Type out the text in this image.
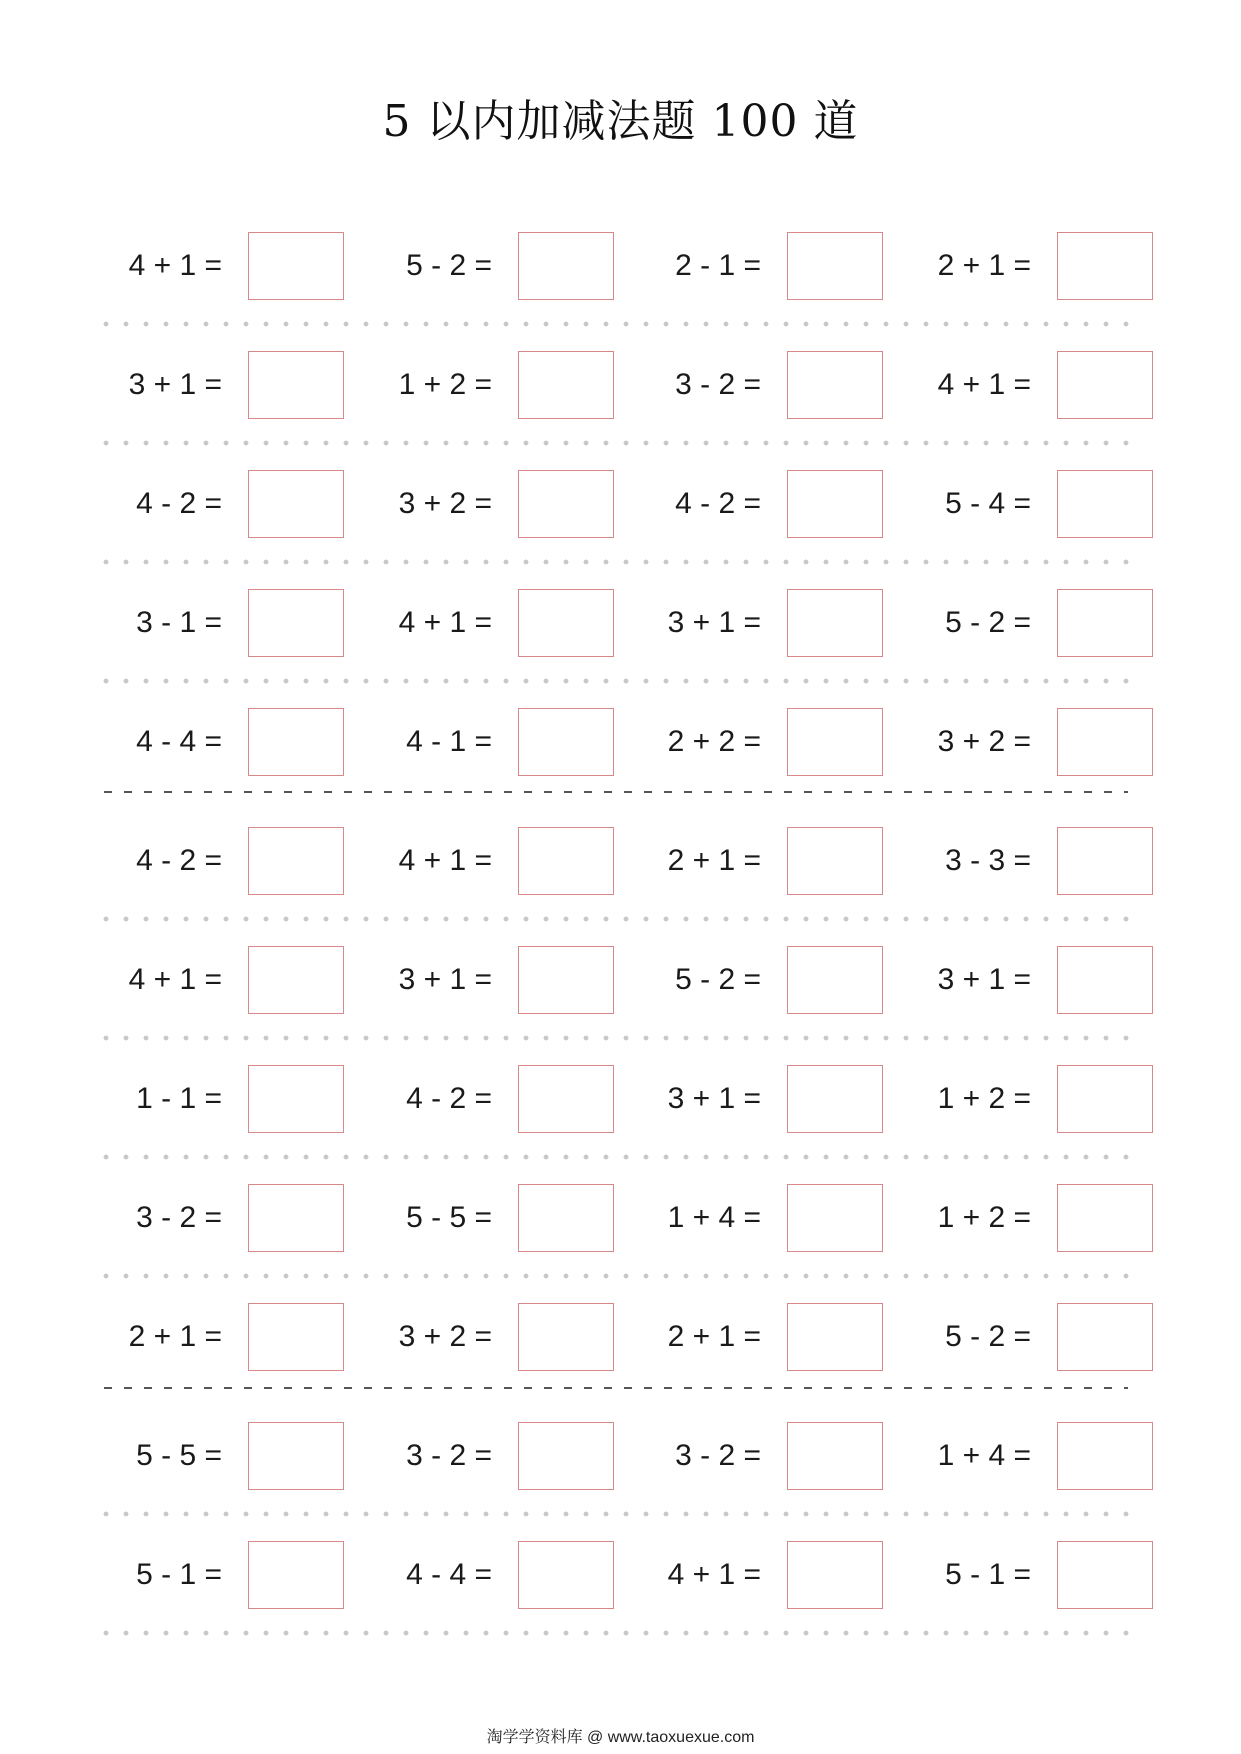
5 以内加减法题 100 道
4 + 1 =	5 - 2 =	2 - 1 =	2 + 1 =
3 + 1 =	1 + 2 =	3 - 2 =	4 + 1 =
4 - 2 =	3 + 2 =	4 - 2 =	5 - 4 =
3 - 1 =	4 + 1 =	3 + 1 =	5 - 2 =
4 - 4 =	4 - 1 =	2 + 2 =	3 + 2 =
4 - 2 =	4 + 1 =	2 + 1 =	3 - 3 =
4 + 1 =	3 + 1 =	5 - 2 =	3 + 1 =
1 - 1 =	4 - 2 =	3 + 1 =	1 + 2 =
3 - 2 =	5 - 5 =	1 + 4 =	1 + 2 =
2 + 1 =	3 + 2 =	2 + 1 =	5 - 2 =
5 - 5 =	3 - 2 =	3 - 2 =	1 + 4 =
5 - 1 =	4 - 4 =	4 + 1 =	5 - 1 =
淘学学资料库 @ www.taoxuexue.com
